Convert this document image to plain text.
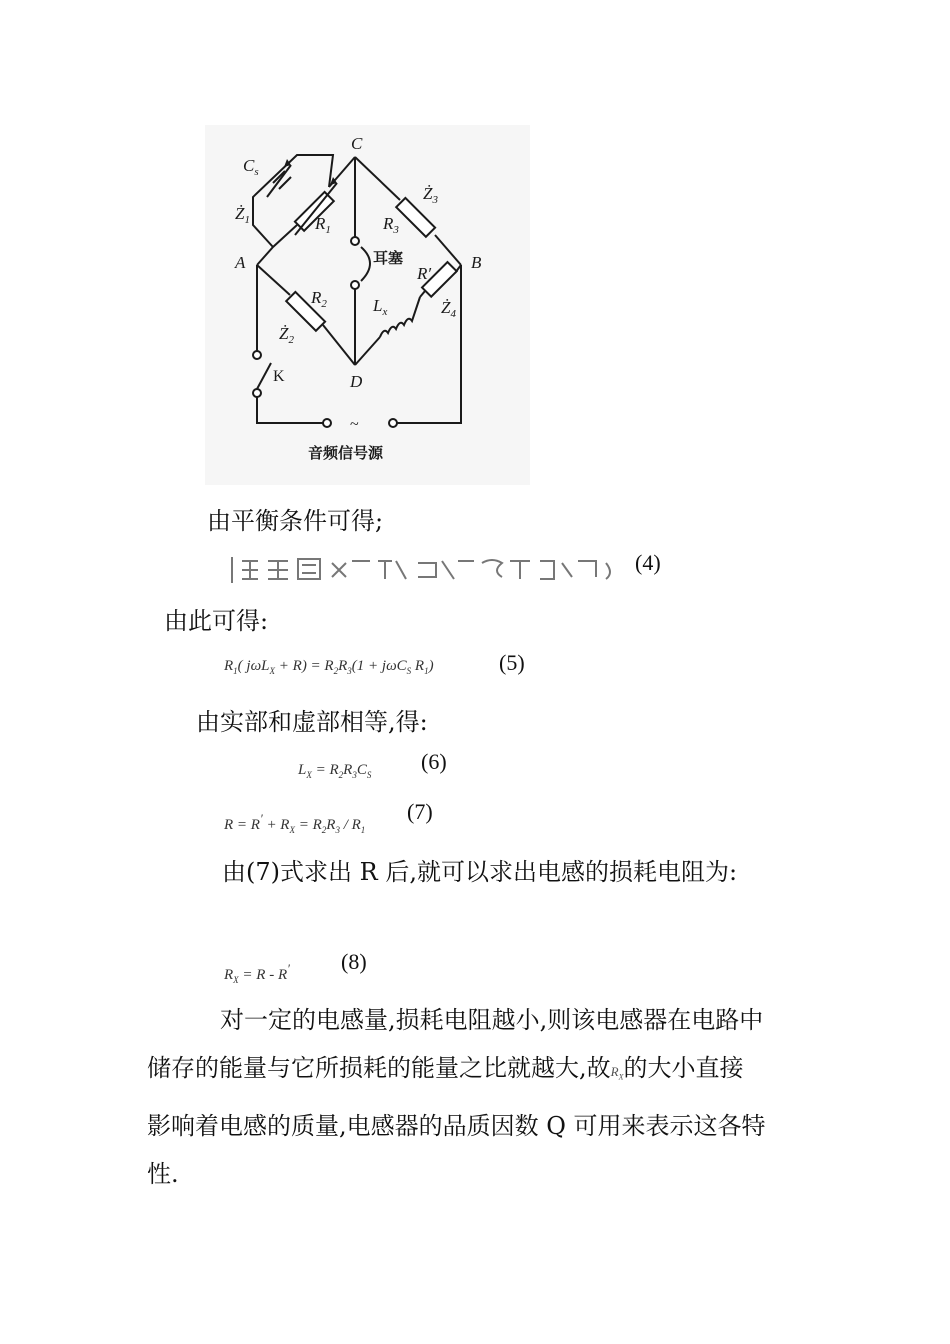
C
A	B
D
$C_s$
$Ż_1$	$R_1$
$Ż_3$
$R_3$
$R_2$
$Ż_2$
R′
$L_x$	$Ż_4$
K
耳塞
~
音频信号源
由平衡条件可得;
(4)
由此可得:
$R_1$( $j\omega L_X + R) = R_2R_3(1 + j\omega C_S$ $R_1$)	(5)
由实部和虚部相等,得:
$L_X = R_2R_3C_S$
(6)
$R = R' + R_X = R_2R_3 / R_1$
(7)
由(7)式求出 R 后,就可以求出电感的损耗电阻为:
$R_X = R - R'$ (8)
对一定的电感量,损耗电阻越小,则该电感器在电路中
储存的能量与它所损耗的能量之比就越大,故$R_X$的大小直接
影响着电感的质量,电感器的品质因数 Q 可用来表示这各特
性.
